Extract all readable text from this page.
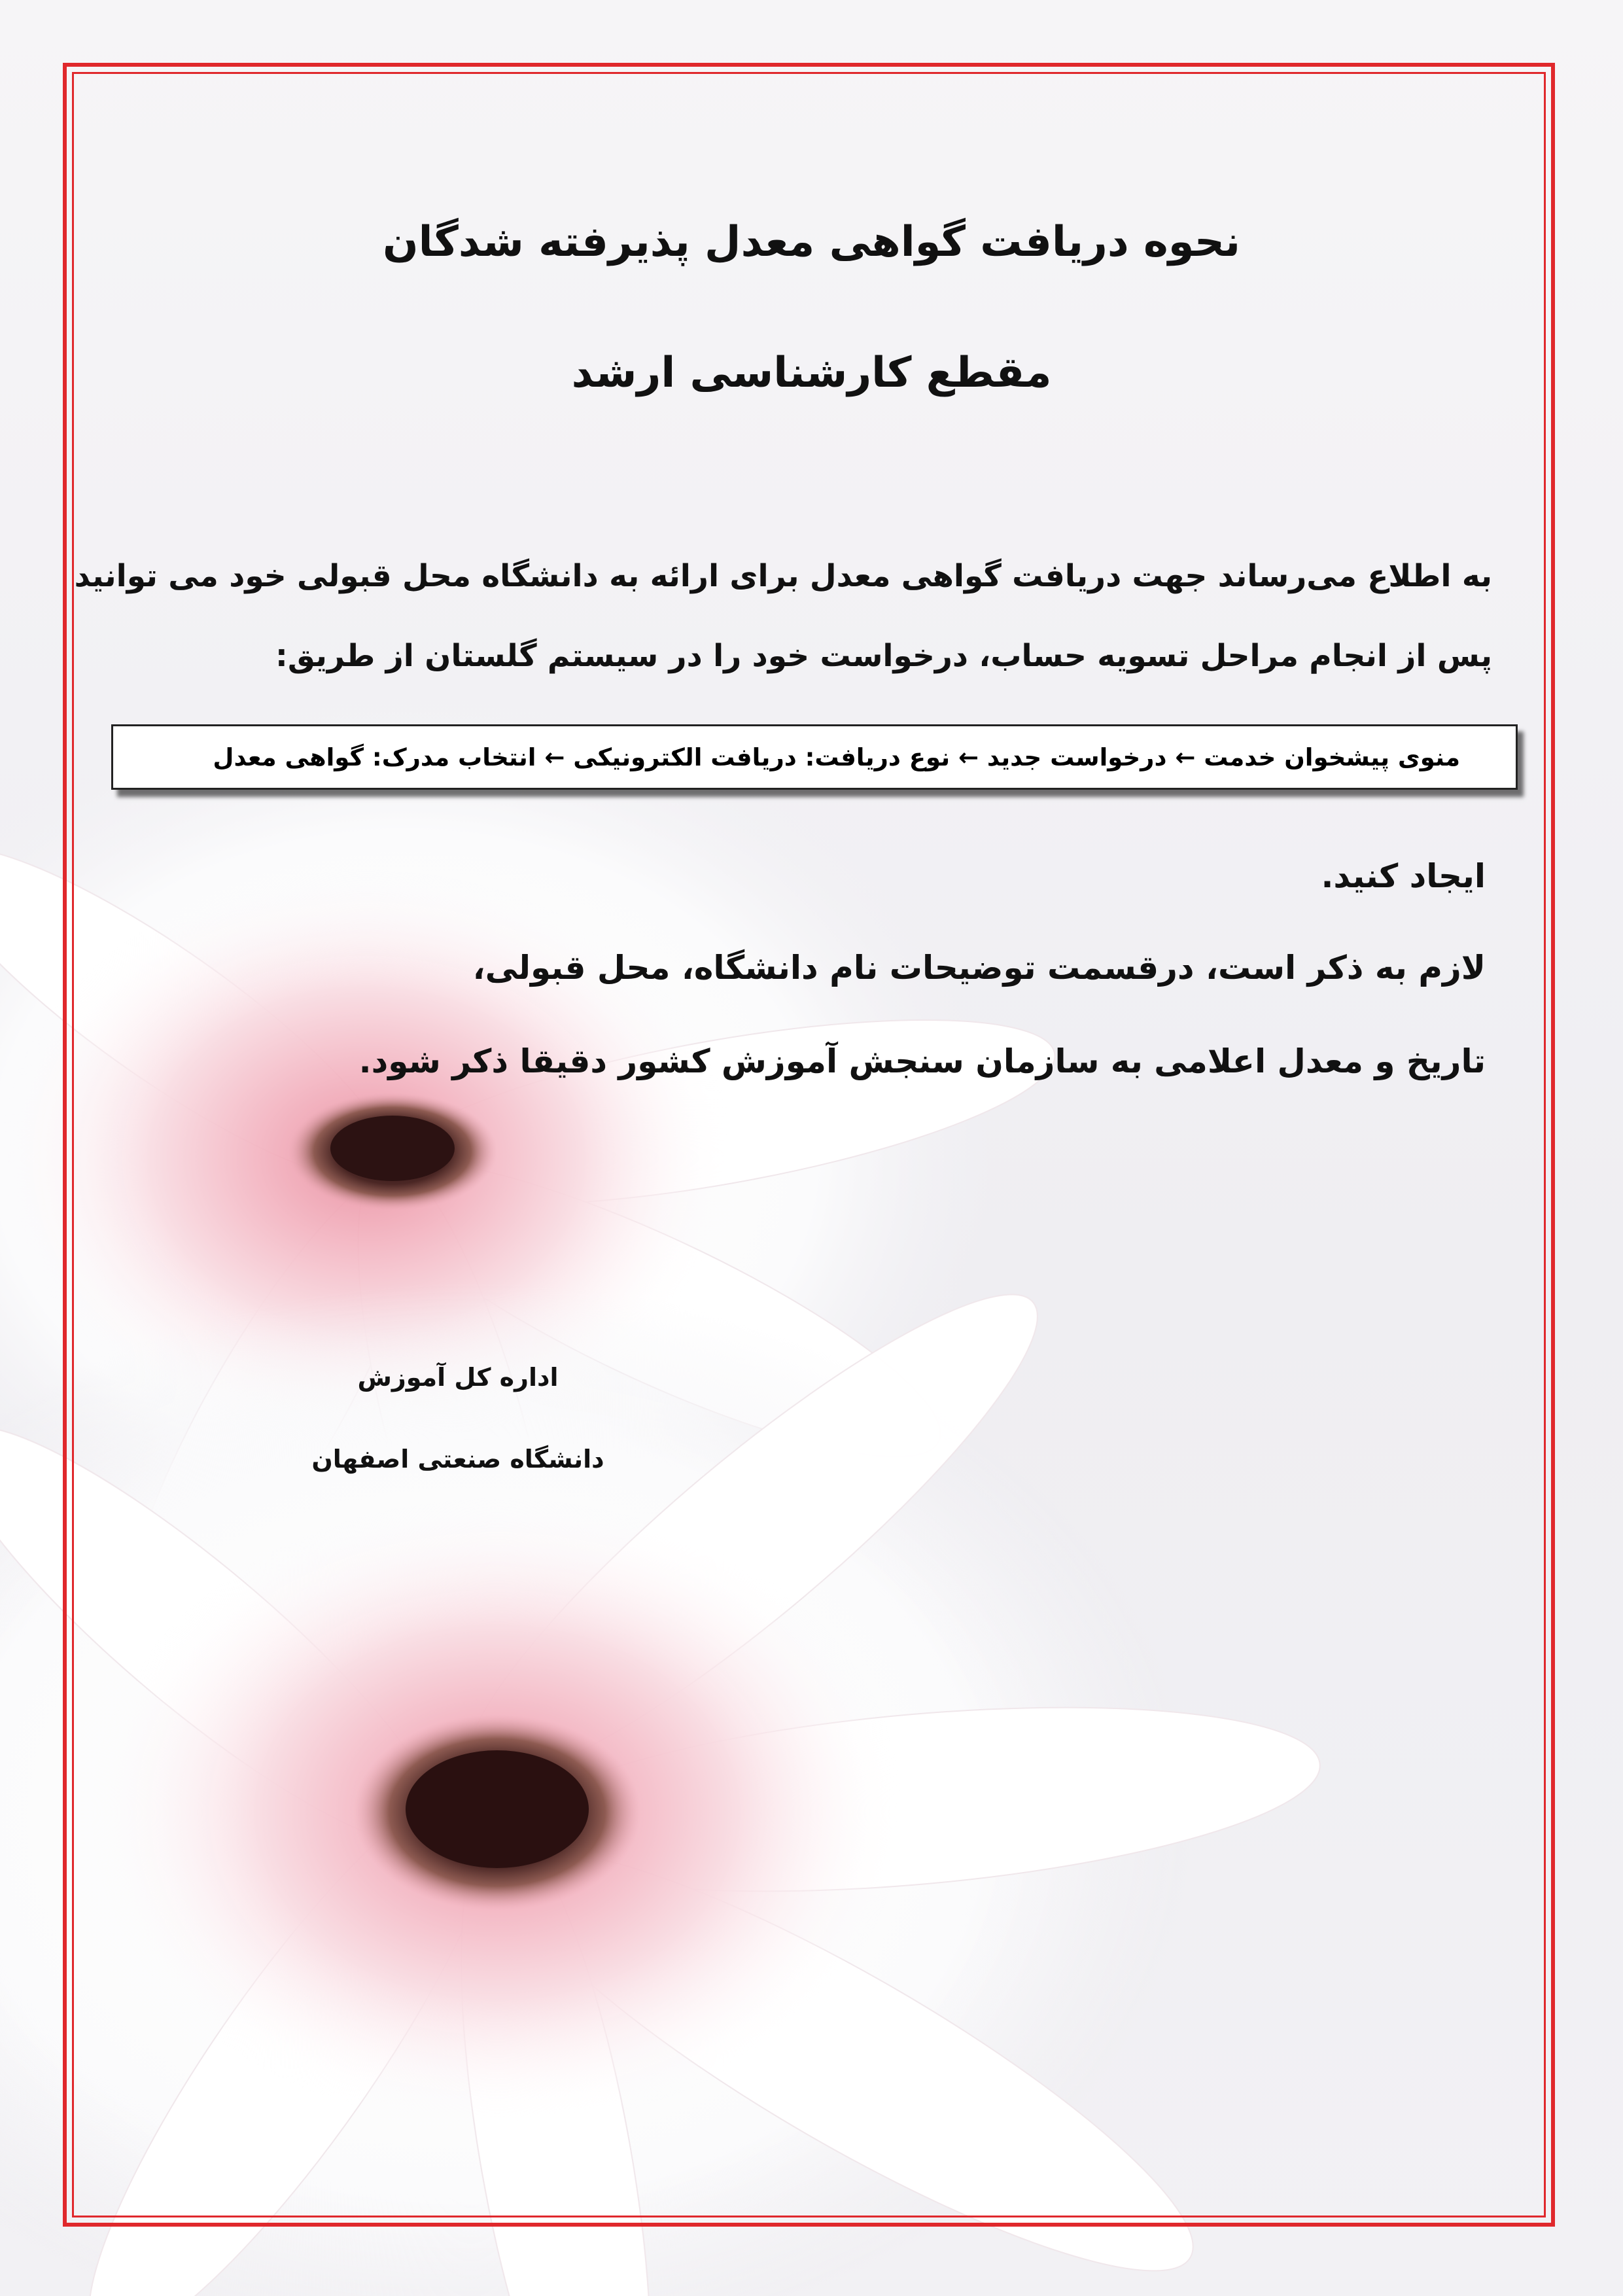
نحوه دریافت گواهی معدل پذیرفته شدگان
مقطع کارشناسی ارشد
به اطلاع می‌رساند جهت دریافت گواهی معدل برای ارائه به دانشگاه محل قبولی خود می توانید
پس از انجام مراحل تسویه حساب، درخواست خود را در سیستم گلستان از طریق:
منوی پیشخوان خدمت ← درخواست جدید ← نوع دریافت: دریافت الکترونیکی ← انتخاب مدرک: گواهی معدل
ایجاد کنید.
لازم به ذکر است، درقسمت توضیحات نام دانشگاه، محل قبولی،
تاریخ و معدل اعلامی به سازمان سنجش آموزش کشور دقیقا ذکر شود.
اداره کل آموزش
دانشگاه صنعتی اصفهان
